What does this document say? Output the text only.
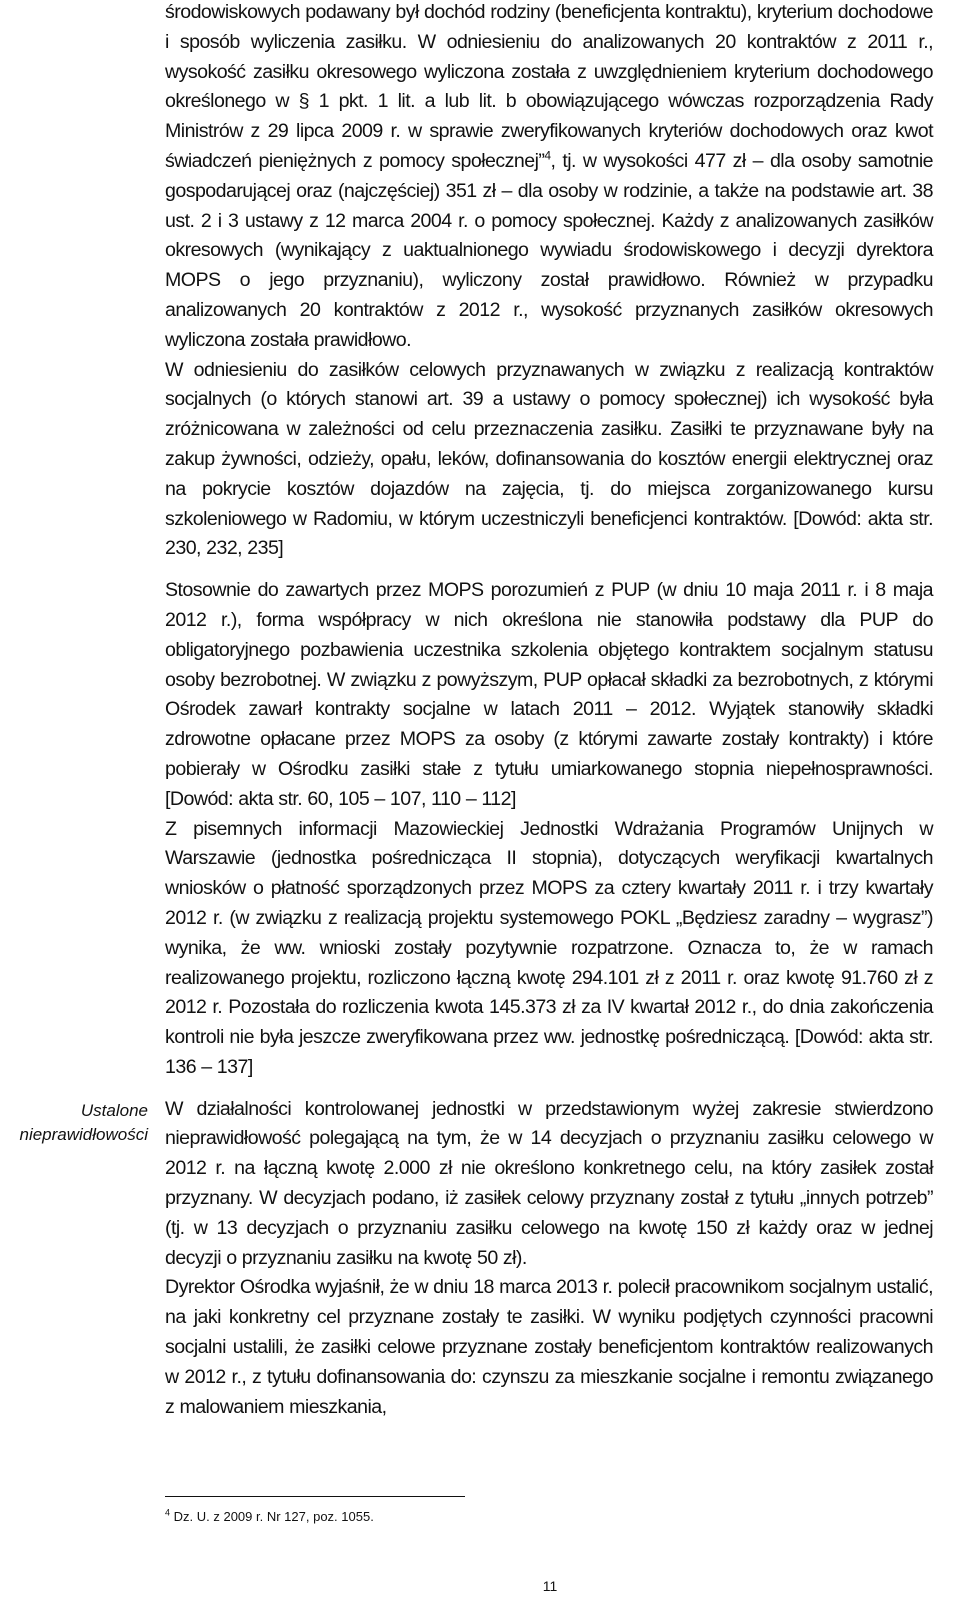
środowiskowych podawany był dochód rodziny (beneficjenta kontraktu), kryterium dochodowe i sposób wyliczenia zasiłku. W odniesieniu do analizowanych 20 kontraktów z 2011 r., wysokość zasiłku okresowego wyliczona została z uwzględnieniem kryterium dochodowego określonego w § 1 pkt. 1 lit. a lub lit. b obowiązującego wówczas rozporządzenia Rady Ministrów z 29 lipca 2009 r. w sprawie zweryfikowanych kryteriów dochodowych oraz kwot świadczeń pieniężnych z pomocy społecznej”$^4$, tj. w wysokości 477 zł – dla osoby samotnie gospodarującej oraz (najczęściej) 351 zł – dla osoby w rodzinie, a także na podstawie art. 38 ust. 2 i 3 ustawy z 12 marca 2004 r. o pomocy społecznej. Każdy z analizowanych zasiłków okresowych (wynikający z uaktualnionego wywiadu środowiskowego i decyzji dyrektora MOPS o jego przyznaniu), wyliczony został prawidłowo. Również w przypadku analizowanych 20 kontraktów z 2012 r., wysokość przyznanych zasiłków okresowych wyliczona została prawidłowo.

W odniesieniu do zasiłków celowych przyznawanych w związku z realizacją kontraktów socjalnych (o których stanowi art. 39 a ustawy o pomocy społecznej) ich wysokość była zróżnicowana w zależności od celu przeznaczenia zasiłku. Zasiłki te przyznawane były na zakup żywności, odzieży, opału, leków, dofinansowania do kosztów energii elektrycznej oraz na pokrycie kosztów dojazdów na zajęcia, tj. do miejsca zorganizowanego kursu szkoleniowego w Radomiu, w którym uczestniczyli beneficjenci kontraktów. [Dowód: akta str. 230, 232, 235]

Stosownie do zawartych przez MOPS porozumień z PUP (w dniu 10 maja 2011 r. i 8 maja 2012 r.), forma współpracy w nich określona nie stanowiła podstawy dla PUP do obligatoryjnego pozbawienia uczestnika szkolenia objętego kontraktem socjalnym statusu osoby bezrobotnej. W związku z powyższym, PUP opłacał składki za bezrobotnych, z którymi Ośrodek zawarł kontrakty socjalne w latach 2011 – 2012. Wyjątek stanowiły składki zdrowotne opłacane przez MOPS za osoby (z którymi zawarte zostały kontrakty) i które pobierały w Ośrodku zasiłki stałe z tytułu umiarkowanego stopnia niepełnosprawności. [Dowód: akta str. 60, 105 – 107, 110 – 112]

Z pisemnych informacji Mazowieckiej Jednostki Wdrażania Programów Unijnych w Warszawie (jednostka pośrednicząca II stopnia), dotyczących weryfikacji kwartalnych wniosków o płatność sporządzonych przez MOPS za cztery kwartały 2011 r. i trzy kwartały 2012 r. (w związku z realizacją projektu systemowego POKL „Będziesz zaradny – wygrasz”) wynika, że ww. wnioski zostały pozytywnie rozpatrzone. Oznacza to, że w ramach realizowanego projektu, rozliczono łączną kwotę 294.101 zł z 2011 r. oraz kwotę 91.760 zł z 2012 r. Pozostała do rozliczenia kwota 145.373 zł za IV kwartał 2012 r., do dnia zakończenia kontroli nie była jeszcze zweryfikowana przez ww. jednostkę pośredniczącą. [Dowód: akta str. 136 – 137]

W działalności kontrolowanej jednostki w przedstawionym wyżej zakresie stwierdzono nieprawidłowość polegającą na tym, że w 14 decyzjach o przyznaniu zasiłku celowego w 2012 r. na łączną kwotę 2.000 zł nie określono konkretnego celu, na który zasiłek został przyznany. W decyzjach podano, iż zasiłek celowy przyznany został z tytułu „innych potrzeb” (tj. w 13 decyzjach o przyznaniu zasiłku celowego na kwotę 150 zł każdy oraz w jednej decyzji o przyznaniu zasiłku na kwotę 50 zł).

Dyrektor Ośrodka wyjaśnił, że w dniu 18 marca 2013 r. polecił pracownikom socjalnym ustalić, na jaki konkretny cel przyznane zostały te zasiłki. W wyniku podjętych czynności pracowni socjalni ustalili, że zasiłki celowe przyznane zostały beneficjentom kontraktów realizowanych w 2012 r., z tytułu dofinansowania do: czynszu za mieszkanie socjalne i remontu związanego z malowaniem mieszkania,

Ustalone nieprawidłowości
$^4$ Dz. U. z 2009 r. Nr 127, poz. 1055.
11
